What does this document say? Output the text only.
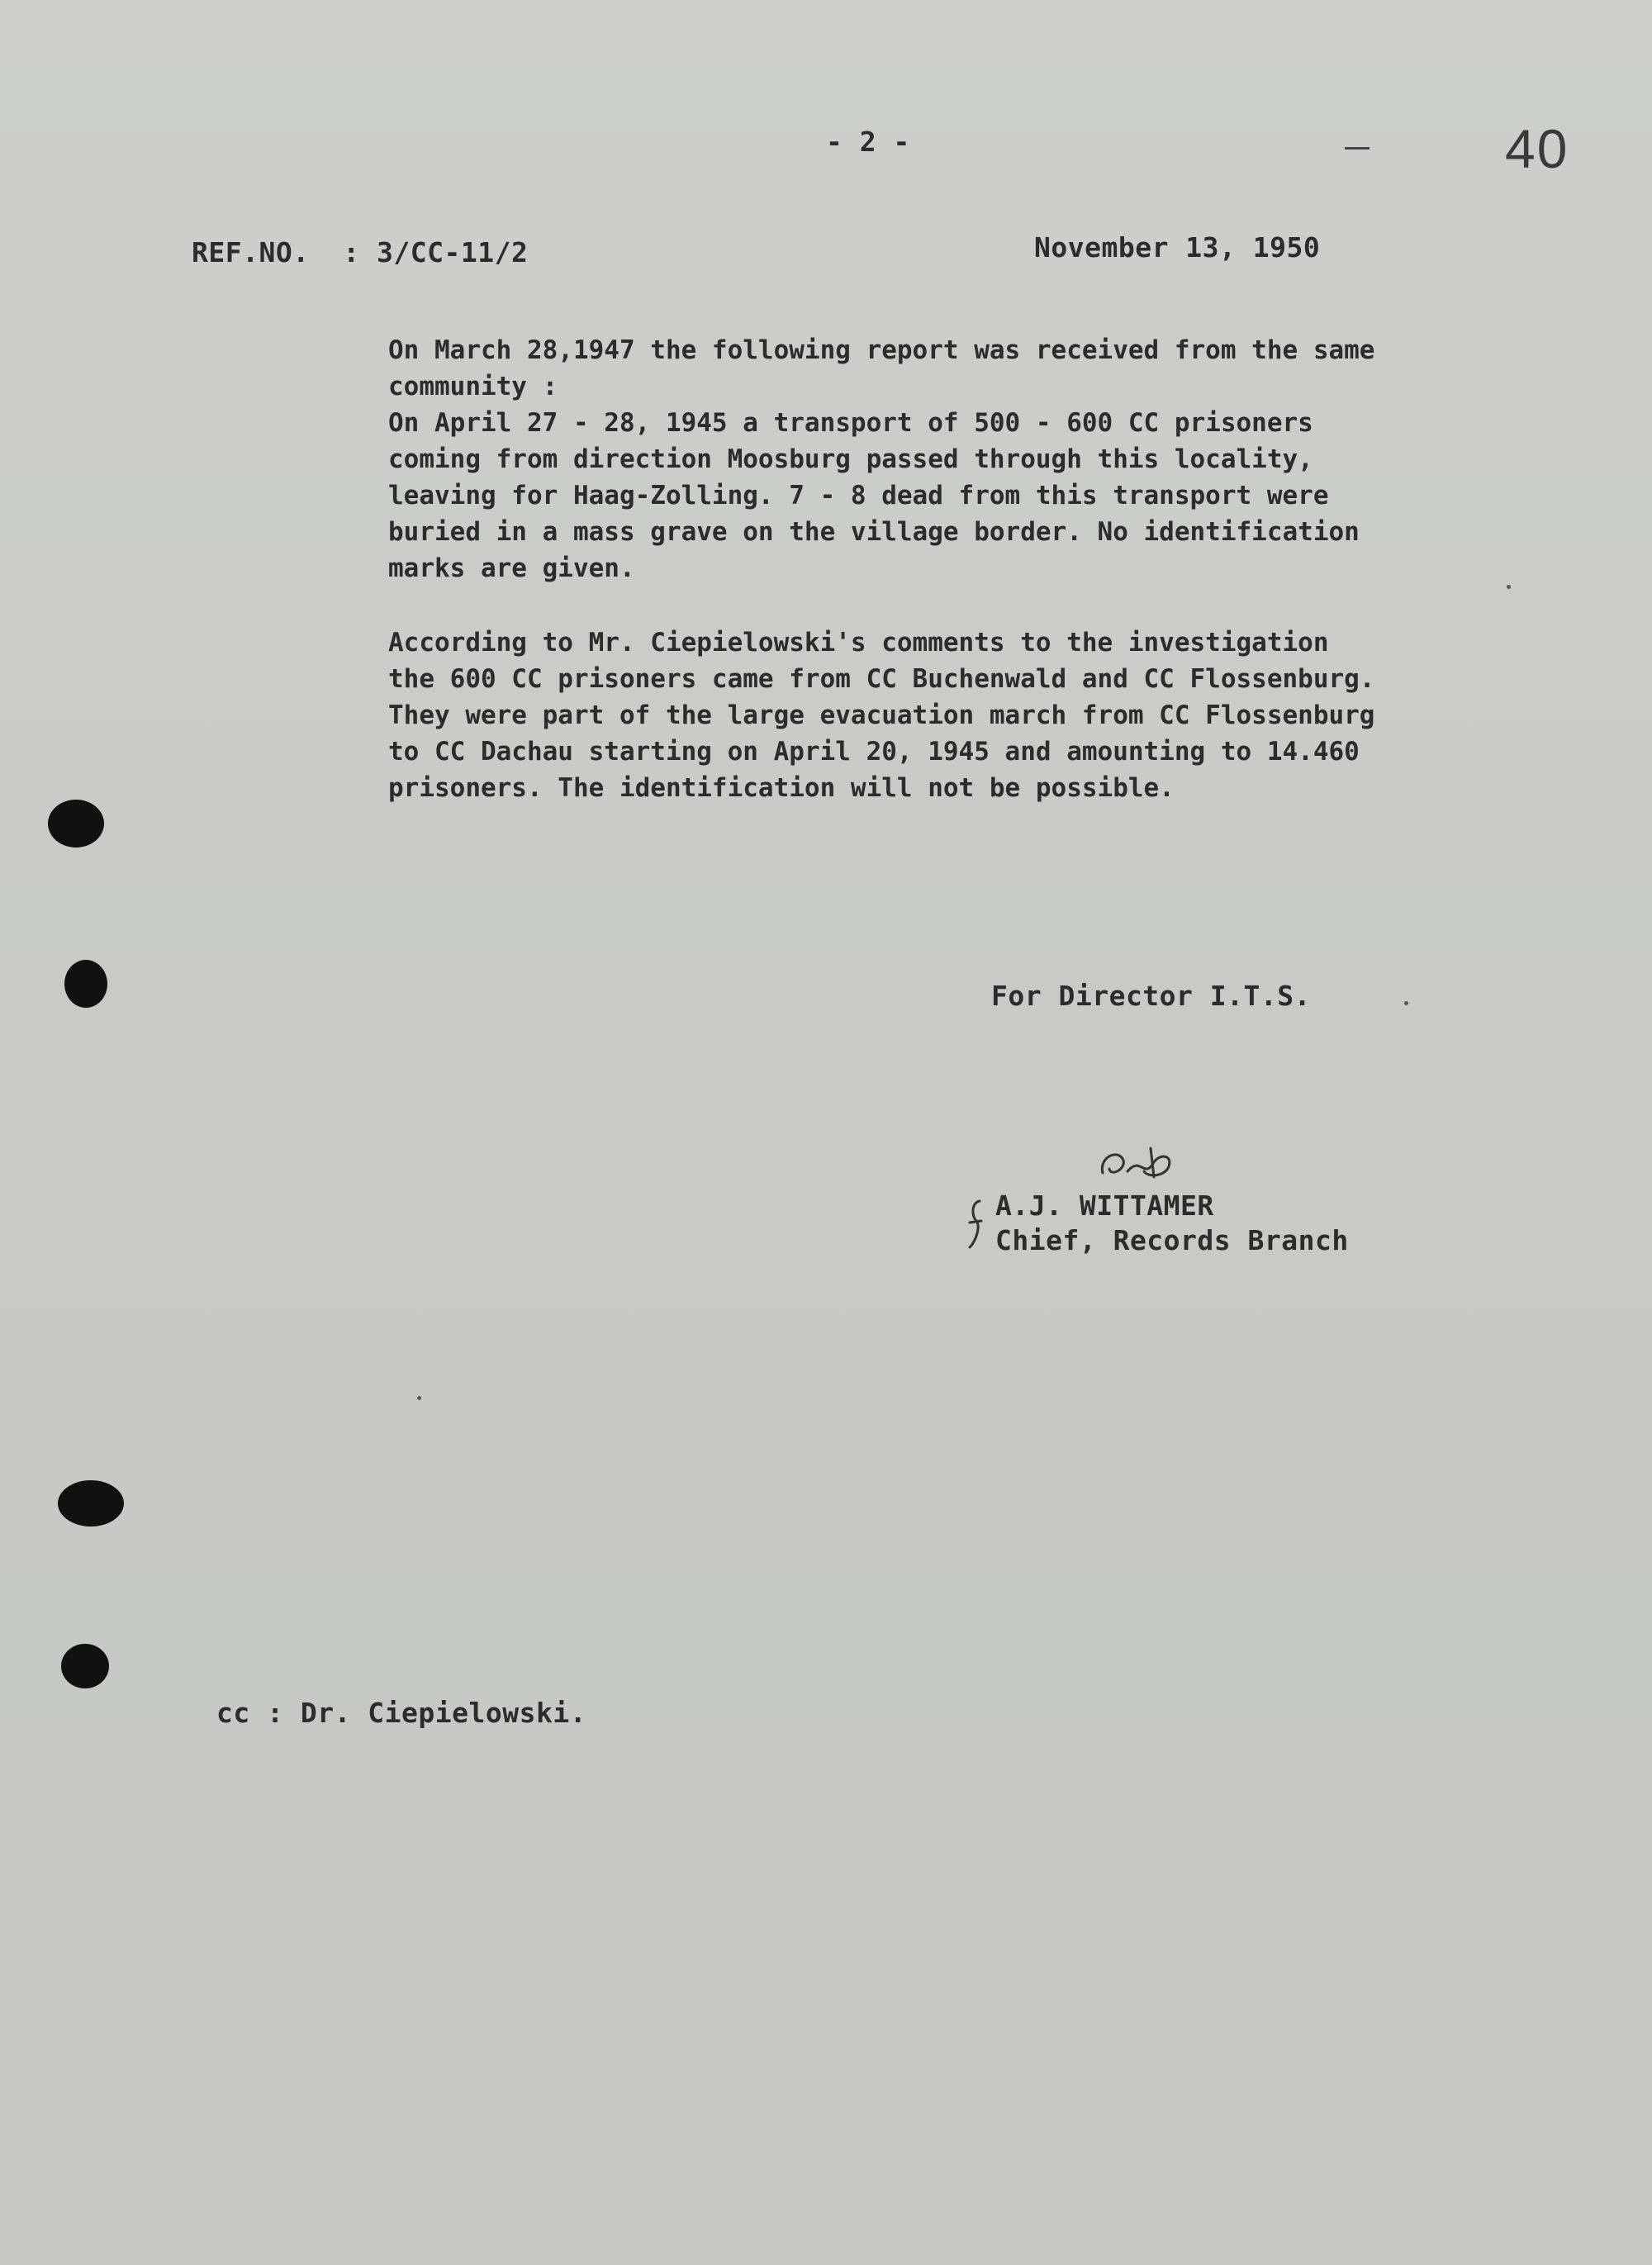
- 2 -	40
REF.NO.  : 3/CC-11/2	November 13, 1950

On March 28,1947 the following report was received from the same
community :
On April 27 - 28, 1945 a transport of 500 - 600 CC prisoners
coming from direction Moosburg passed through this locality,
leaving for Haag-Zolling. 7 - 8 dead from this transport were
buried in a mass grave on the village border. No identification
marks are given.

According to Mr. Ciepielowski's comments to the investigation
the 600 CC prisoners came from CC Buchenwald and CC Flossenburg.
They were part of the large evacuation march from CC Flossenburg
to CC Dachau starting on April 20, 1945 and amounting to 14.460
prisoners. The identification will not be possible.

For Director I.T.S.
A.J. WITTAMER
Chief, Records Branch
cc : Dr. Ciepielowski.
